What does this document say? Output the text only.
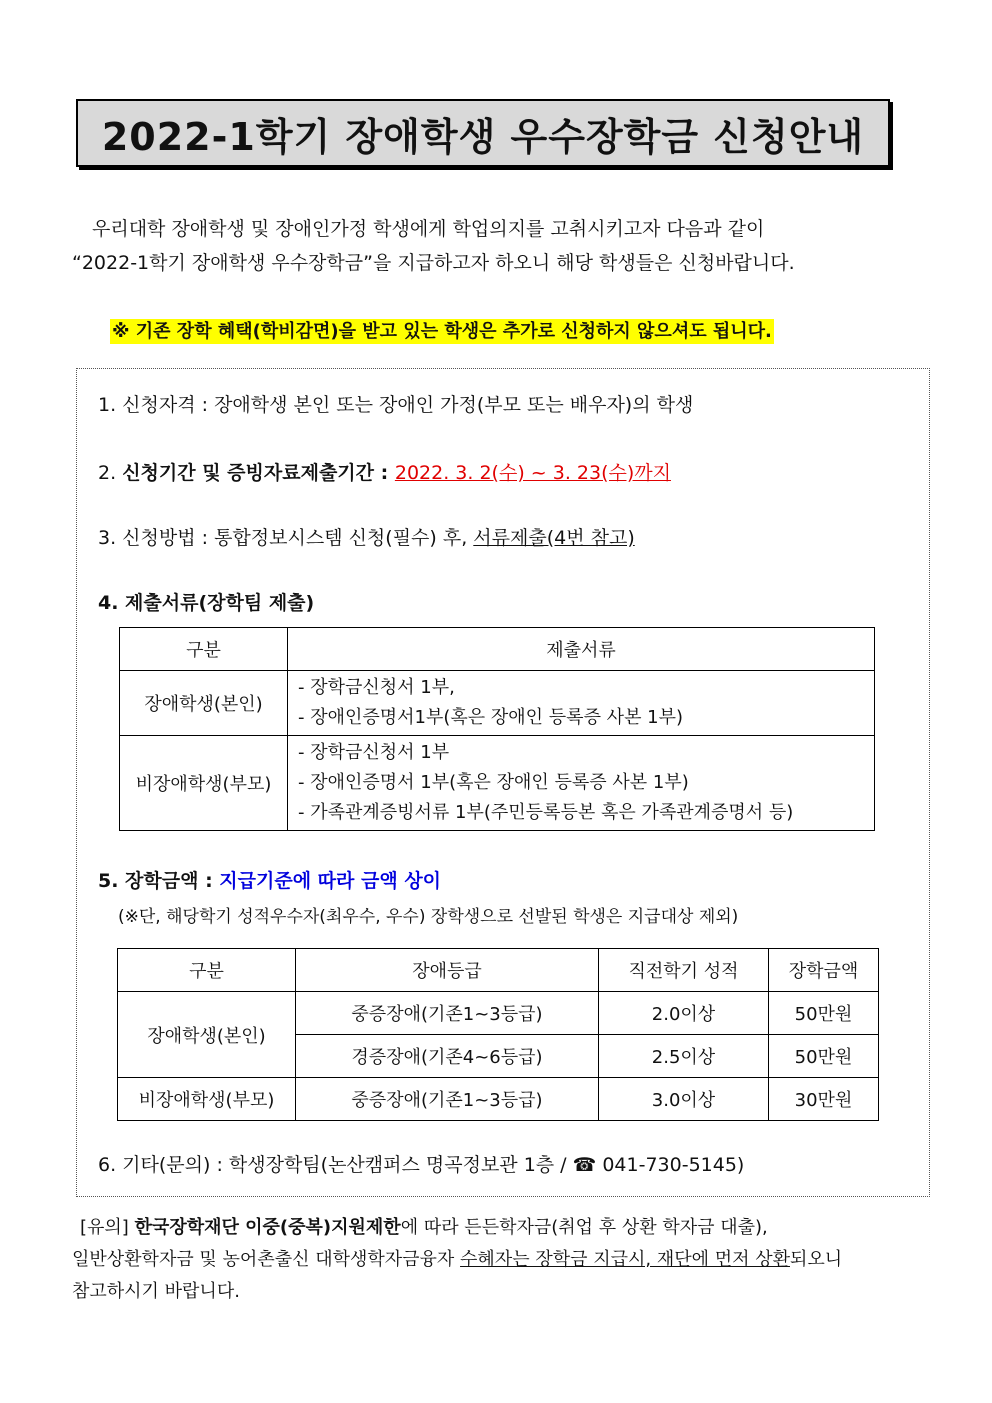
2022-1학기 장애학생 우수장학금 신청안내
우리대학 장애학생 및 장애인가정 학생에게 학업의지를 고취시키고자 다음과 같이
“2022-1학기 장애학생 우수장학금”을 지급하고자 하오니 해당 학생들은 신청바랍니다.
※ 기존 장학 혜택(학비감면)을 받고 있는 학생은 추가로 신청하지 않으셔도 됩니다.
1. 신청자격 : 장애학생 본인 또는 장애인 가정(부모 또는 배우자)의 학생
2. 신청기간 및 증빙자료제출기간 : 2022. 3. 2(수) ~ 3. 23(수)까지
3. 신청방법 : 통합정보시스템 신청(필수) 후, 서류제출(4번 참고)
4. 제출서류(장학팀 제출)
구분	제출서류
장애학생(본인)	- 장학금신청서 1부,
- 장애인증명서1부(혹은 장애인 등록증 사본 1부)

비장애학생(부모)	- 장학금신청서 1부
- 장애인증명서 1부(혹은 장애인 등록증 사본 1부)
- 가족관계증빙서류 1부(주민등록등본 혹은 가족관계증명서 등)
5. 장학금액 : 지급기준에 따라 금액 상이
(※단, 해당학기 성적우수자(최우수, 우수) 장학생으로 선발된 학생은 지급대상 제외)
구분	장애등급	직전학기 성적	장학금액
장애학생(본인)	중증장애(기존1~3등급)	2.0이상	50만원
	경증장애(기존4~6등급)	2.5이상	50만원
비장애학생(부모)	중증장애(기존1~3등급)	3.0이상	30만원
6. 기타(문의) : 학생장학팀(논산캠퍼스 명곡정보관 1층 / ☎ 041-730-5145)
[유의] 한국장학재단 이중(중복)지원제한에 따라 든든학자금(취업 후 상환 학자금 대출),
일반상환학자금 및 농어촌출신 대학생학자금융자 수혜자는 장학금 지급시, 재단에 먼저 상환되오니
참고하시기 바랍니다.
